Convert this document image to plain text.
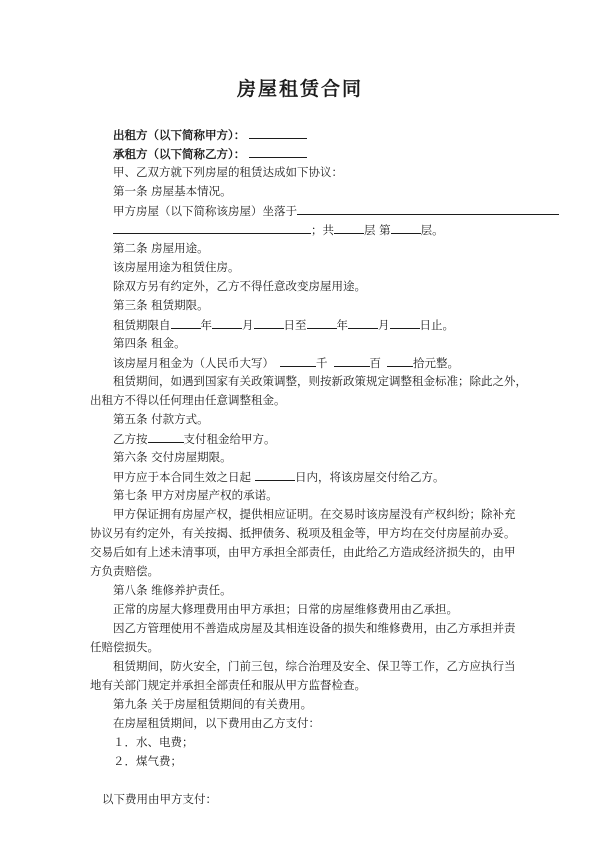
房屋租赁合同
出租方（以下简称甲方）：
承租方（以下简称乙方）：
甲、乙双方就下列房屋的租赁达成如下协议：
第一条 房屋基本情况。
甲方房屋（以下简称该房屋）坐落于
；共	层 第	层。
第二条 房屋用途。
该房屋用途为租赁住房。
除双方另有约定外，乙方不得任意改变房屋用途。
第三条 租赁期限。
租赁期限自	年	月	日至	年	月	日止。
第四条 租金。
该房屋月租金为（人民币大写）	千	百	拾元整。
租赁期间，如遇到国家有关政策调整，则按新政策规定调整租金标准；除此之外，
出租方不得以任何理由任意调整租金。
第五条 付款方式。
乙方按	支付租金给甲方。
第六条 交付房屋期限。
甲方应于本合同生效之日起	日内，将该房屋交付给乙方。
第七条 甲方对房屋产权的承诺。
甲方保证拥有房屋产权，提供相应证明。在交易时该房屋没有产权纠纷；除补充
协议另有约定外，有关按揭、抵押债务、税项及租金等，甲方均在交付房屋前办妥。
交易后如有上述未清事项，由甲方承担全部责任，由此给乙方造成经济损失的，由甲
方负责赔偿。
第八条 维修养护责任。
正常的房屋大修理费用由甲方承担；日常的房屋维修费用由乙承担。
因乙方管理使用不善造成房屋及其相连设备的损失和维修费用，由乙方承担并责
任赔偿损失。
租赁期间，防火安全，门前三包，综合治理及安全、保卫等工作，乙方应执行当
地有关部门规定并承担全部责任和服从甲方监督检查。
第九条 关于房屋租赁期间的有关费用。
在房屋租赁期间，以下费用由乙方支付：
１．水、电费；
２．煤气费；
以下费用由甲方支付：
